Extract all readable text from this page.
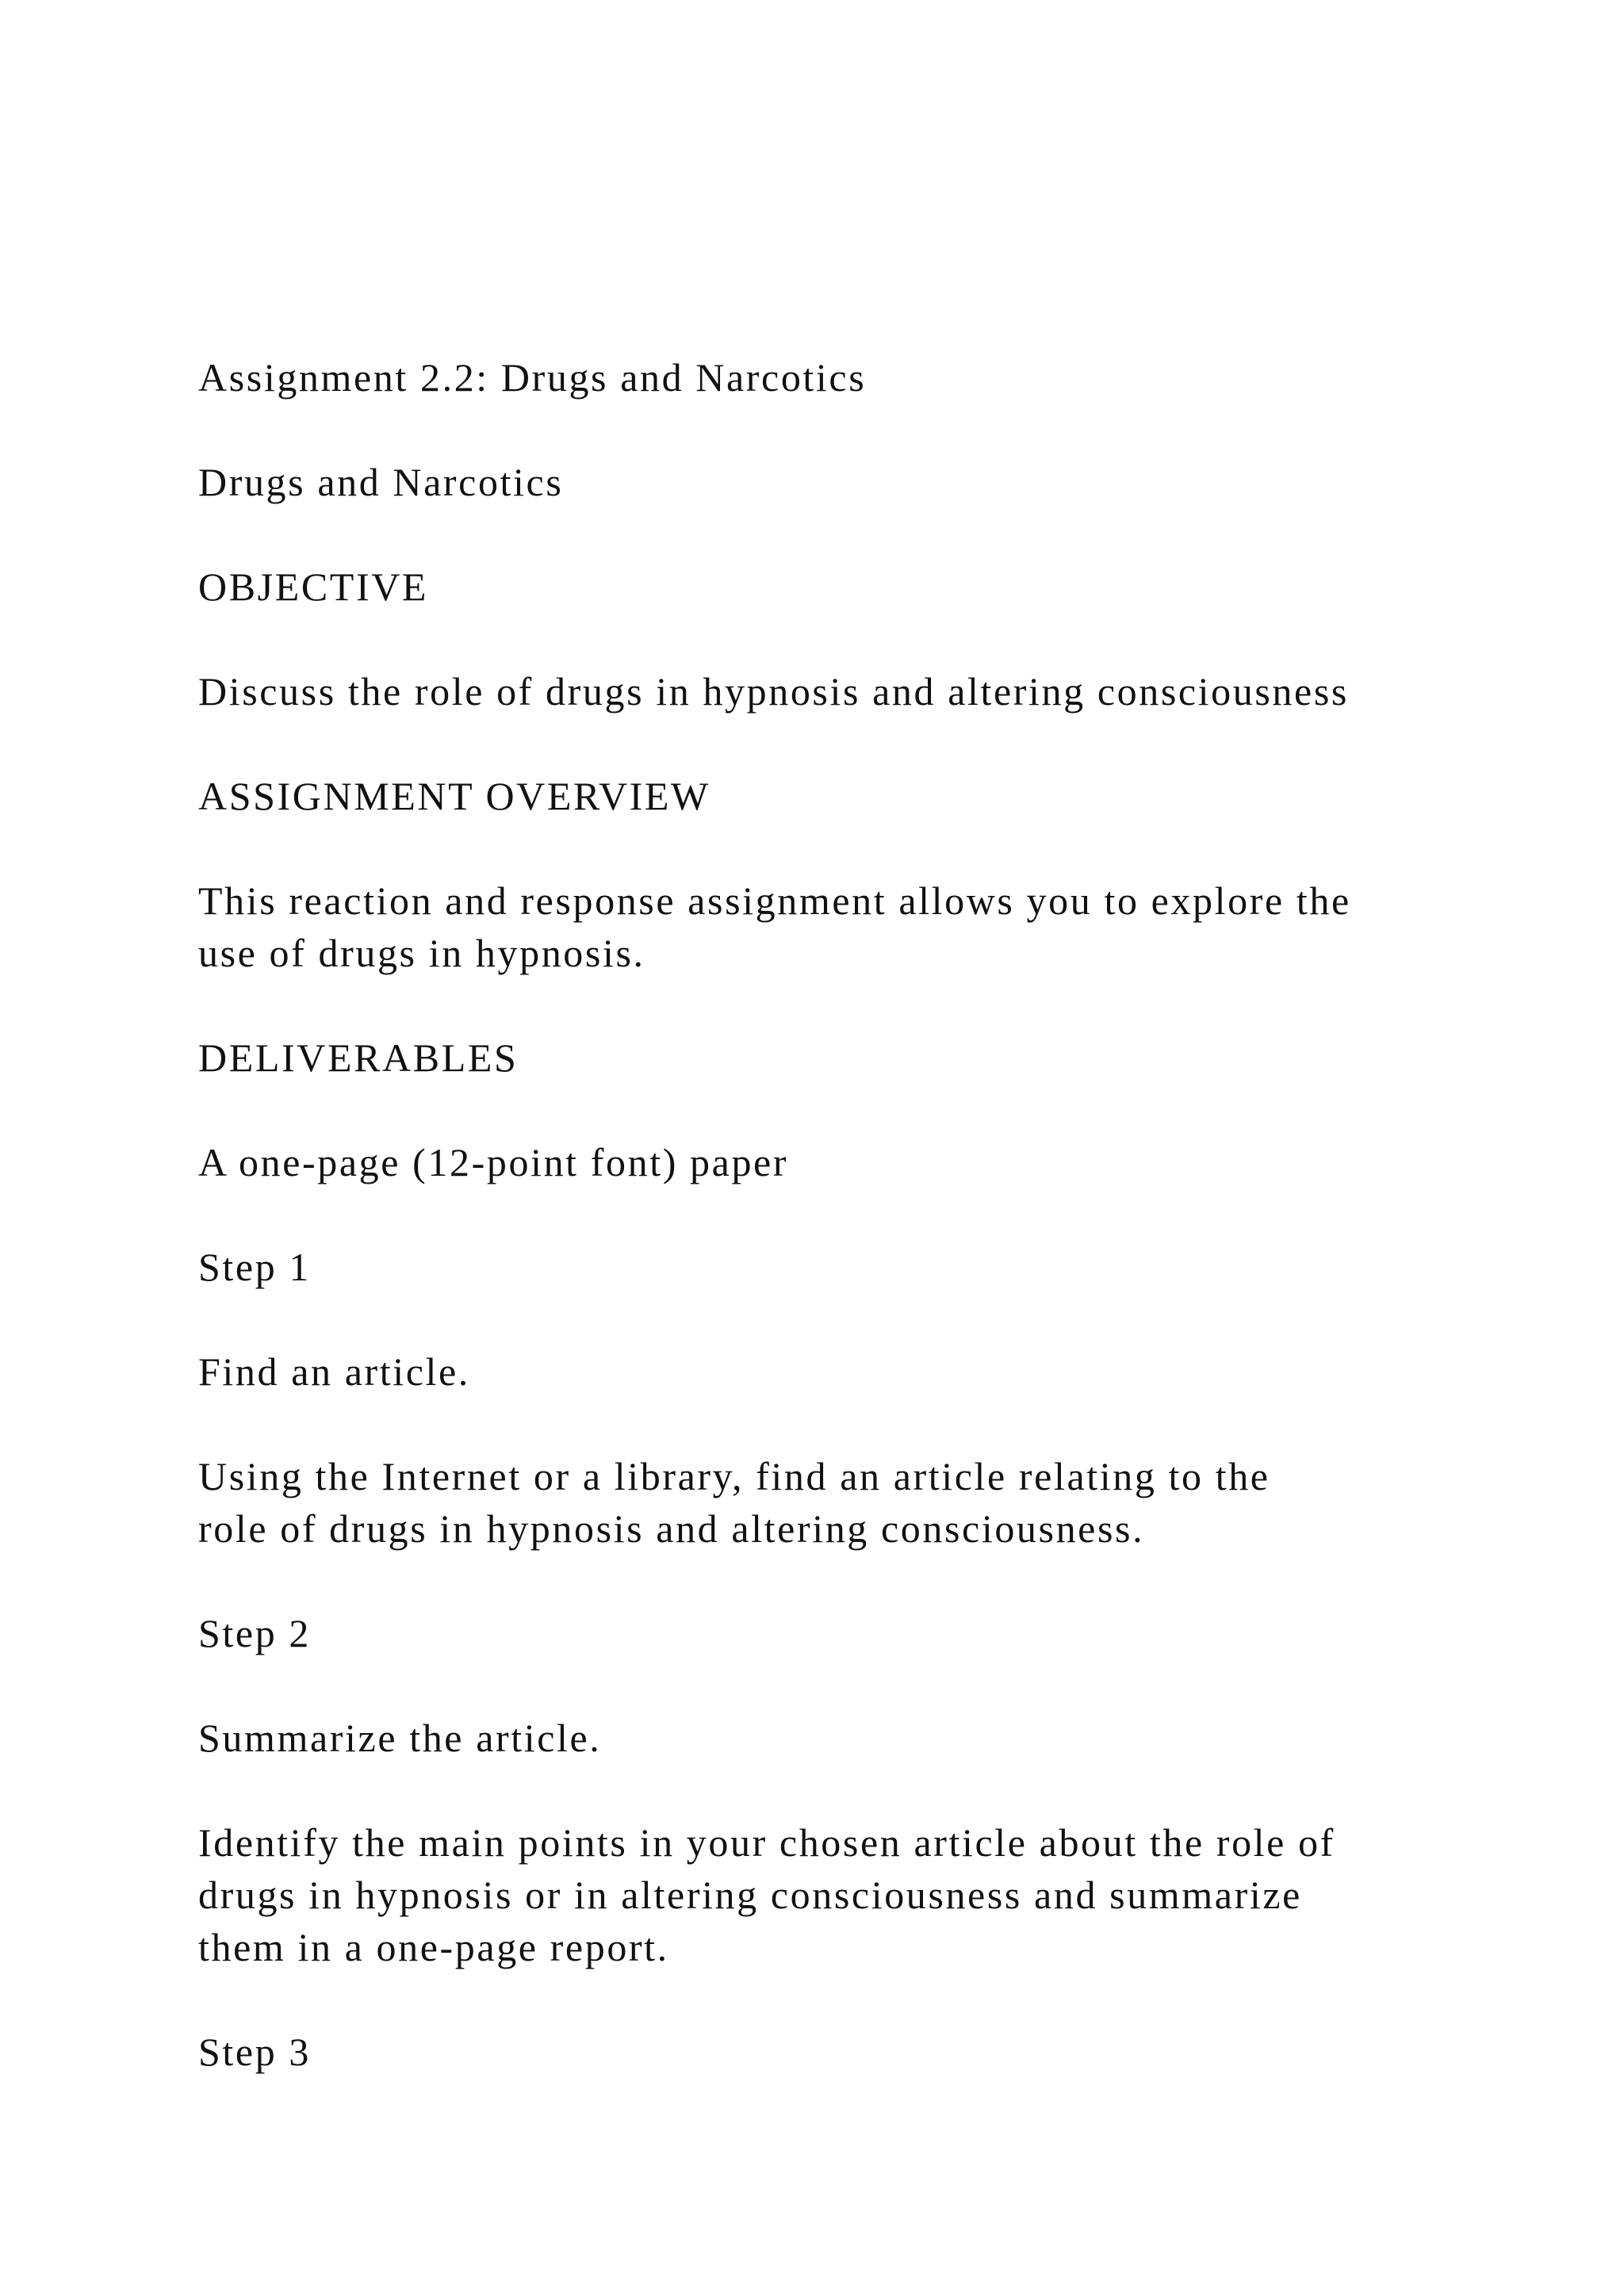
Assignment 2.2: Drugs and Narcotics

Drugs and Narcotics

OBJECTIVE

Discuss the role of drugs in hypnosis and altering consciousness

ASSIGNMENT OVERVIEW

This reaction and response assignment allows you to explore the
use of drugs in hypnosis.

DELIVERABLES

A one-page (12-point font) paper

Step 1

Find an article.

Using the Internet or a library, find an article relating to the
role of drugs in hypnosis and altering consciousness.

Step 2

Summarize the article.

Identify the main points in your chosen article about the role of
drugs in hypnosis or in altering consciousness and summarize
them in a one-page report.

Step 3
